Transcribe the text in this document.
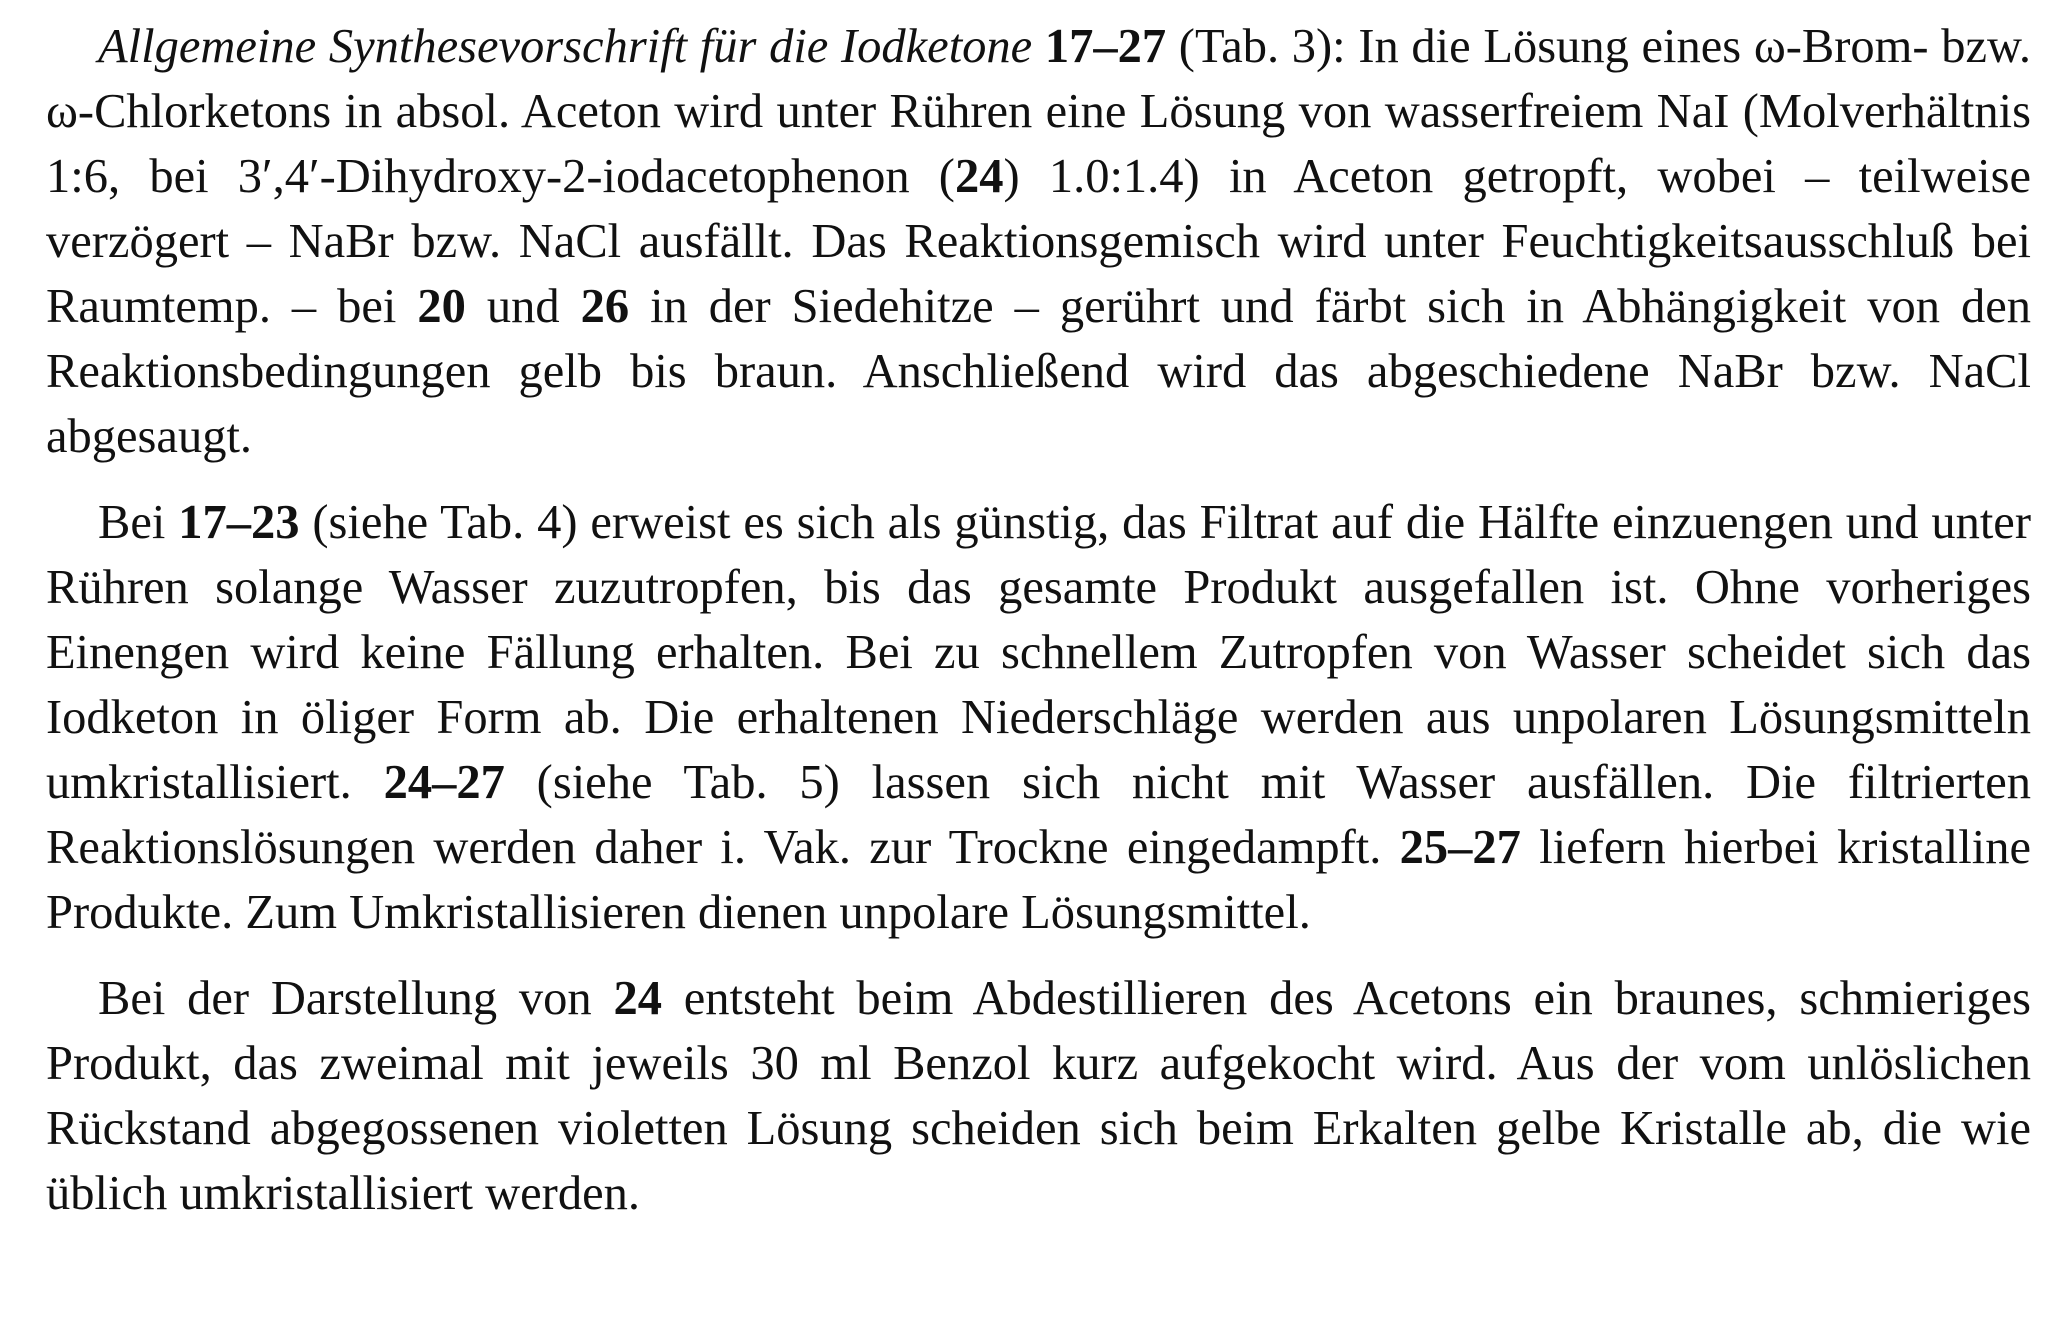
Allgemeine Synthesevorschrift für die Iodketone 17–27 (Tab. 3): In die Lösung eines ω-Brom- bzw. ω-Chlorketons in absol. Aceton wird unter Rühren eine Lösung von wasserfreiem NaI (Molverhältnis 1:6, bei 3′,4′-Dihydroxy-2-iodacetophenon (24) 1.0:1.4) in Aceton getropft, wobei – teilweise verzögert – NaBr bzw. NaCl ausfällt. Das Reaktionsgemisch wird unter Feuchtigkeitsausschluß bei Raumtemp. – bei 20 und 26 in der Siedehitze – gerührt und färbt sich in Abhängigkeit von den Reaktionsbedingungen gelb bis braun. Anschließend wird das abgeschiedene NaBr bzw. NaCl abgesaugt.

Bei 17–23 (siehe Tab. 4) erweist es sich als günstig, das Filtrat auf die Hälfte einzuengen und unter Rühren solange Wasser zuzutropfen, bis das gesamte Produkt ausgefallen ist. Ohne vorheriges Einengen wird keine Fällung erhalten. Bei zu schnellem Zutropfen von Wasser scheidet sich das Iodketon in öliger Form ab. Die erhaltenen Niederschläge werden aus unpolaren Lösungsmitteln umkristallisiert. 24–27 (siehe Tab. 5) lassen sich nicht mit Wasser ausfällen. Die filtrierten Reaktionslösungen werden daher i. Vak. zur Trockne eingedampft. 25–27 liefern hierbei kristalline Produkte. Zum Umkristallisieren dienen unpolare Lösungsmittel.

Bei der Darstellung von 24 entsteht beim Abdestillieren des Acetons ein braunes, schmieriges Produkt, das zweimal mit jeweils 30 ml Benzol kurz aufgekocht wird. Aus der vom unlöslichen Rückstand abgegossenen violetten Lösung scheiden sich beim Erkalten gelbe Kristalle ab, die wie üblich umkristallisiert werden.
